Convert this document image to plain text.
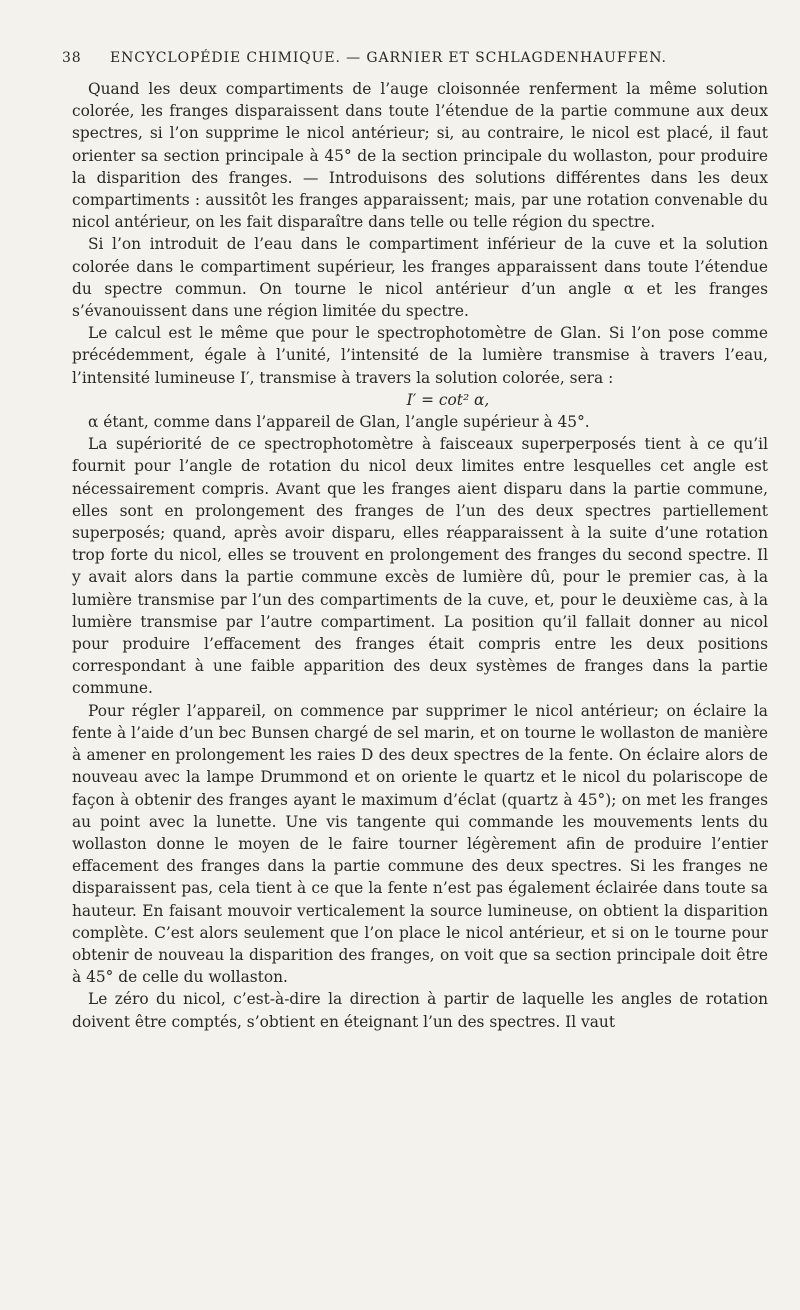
38	ENCYCLOPÉDIE CHIMIQUE. — GARNIER ET SCHLAGDENHAUFFEN.

Quand les deux compartiments de l’auge cloisonnée renferment la même solution colorée, les franges disparaissent dans toute l’étendue de la partie commune aux deux spectres, si l’on supprime le nicol antérieur; si, au contraire, le nicol est placé, il faut orienter sa section principale à 45° de la section principale du wollaston, pour produire la disparition des franges. — Introduisons des solutions différentes dans les deux compartiments : aussitôt les franges apparaissent; mais, par une rotation convenable du nicol antérieur, on les fait disparaître dans telle ou telle région du spectre.

Si l’on introduit de l’eau dans le compartiment inférieur de la cuve et la solution colorée dans le compartiment supérieur, les franges apparaissent dans toute l’étendue du spectre commun. On tourne le nicol antérieur d’un angle α et les franges s’évanouissent dans une région limitée du spectre.

Le calcul est le même que pour le spectrophotomètre de Glan. Si l’on pose comme précédemment, égale à l’unité, l’intensité de la lumière transmise à travers l’eau, l’intensité lumineuse I′, transmise à travers la solution colorée, sera :

I′ = cot² α,

α étant, comme dans l’appareil de Glan, l’angle supérieur à 45°.

La supériorité de ce spectrophotomètre à faisceaux superperposés tient à ce qu’il fournit pour l’angle de rotation du nicol deux limites entre lesquelles cet angle est nécessairement compris. Avant que les franges aient disparu dans la partie commune, elles sont en prolongement des franges de l’un des deux spectres partiellement superposés; quand, après avoir disparu, elles réapparaissent à la suite d’une rotation trop forte du nicol, elles se trouvent en prolongement des franges du second spectre. Il y avait alors dans la partie commune excès de lumière dû, pour le premier cas, à la lumière transmise par l’un des compartiments de la cuve, et, pour le deuxième cas, à la lumière transmise par l’autre compartiment. La position qu’il fallait donner au nicol pour produire l’effacement des franges était compris entre les deux positions correspondant à une faible apparition des deux systèmes de franges dans la partie commune.

Pour régler l’appareil, on commence par supprimer le nicol antérieur; on éclaire la fente à l’aide d’un bec Bunsen chargé de sel marin, et on tourne le wollaston de manière à amener en prolongement les raies D des deux spectres de la fente. On éclaire alors de nouveau avec la lampe Drummond et on oriente le quartz et le nicol du polariscope de façon à obtenir des franges ayant le maximum d’éclat (quartz à 45°); on met les franges au point avec la lunette. Une vis tangente qui commande les mouvements lents du wollaston donne le moyen de le faire tourner légèrement afin de produire l’entier effacement des franges dans la partie commune des deux spectres. Si les franges ne disparaissent pas, cela tient à ce que la fente n’est pas également éclairée dans toute sa hauteur. En faisant mouvoir verticalement la source lumineuse, on obtient la disparition complète. C’est alors seulement que l’on place le nicol antérieur, et si on le tourne pour obtenir de nouveau la disparition des franges, on voit que sa section principale doit être à 45° de celle du wollaston.

Le zéro du nicol, c’est-à-dire la direction à partir de laquelle les angles de rotation doivent être comptés, s’obtient en éteignant l’un des spectres. Il vaut
